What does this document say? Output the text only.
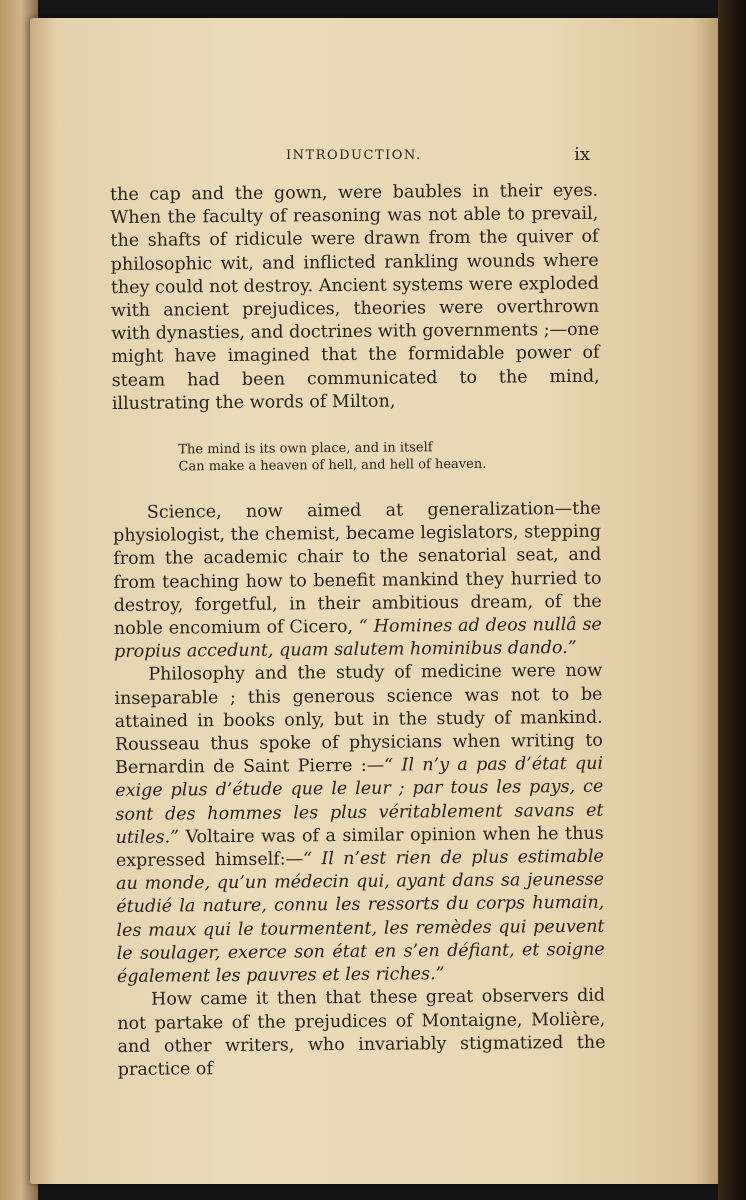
INTRODUCTION.	ix

the cap and the gown, were baubles in their eyes. When the faculty of reasoning was not able to prevail, the shafts of ridicule were drawn from the quiver of philosophic wit, and inflicted rankling wounds where they could not destroy. Ancient systems were exploded with ancient prejudices, theories were overthrown with dynasties, and doctrines with governments ;—one might have imagined that the formidable power of steam had been communicated to the mind, illustrating the words of Milton,

The mind is its own place, and in itself
Can make a heaven of hell, and hell of heaven.

Science, now aimed at generalization—the physiologist, the chemist, became legislators, stepping from the academic chair to the senatorial seat, and from teaching how to benefit mankind they hurried to destroy, forgetful, in their ambitious dream, of the noble encomium of Cicero, “ Homines ad deos nullâ se propius accedunt, quam salutem hominibus dando.”

Philosophy and the study of medicine were now inseparable ; this generous science was not to be attained in books only, but in the study of mankind. Rousseau thus spoke of physicians when writing to Bernardin de Saint Pierre :—“ Il n’y a pas d’état qui exige plus d’étude que le leur ; par tous les pays, ce sont des hommes les plus véritablement savans et utiles.” Voltaire was of a similar opinion when he thus expressed himself:—“ Il n’est rien de plus estimable au monde, qu’un médecin qui, ayant dans sa jeunesse étudié la nature, connu les ressorts du corps humain, les maux qui le tourmentent, les remèdes qui peuvent le soulager, exerce son état en s’en défiant, et soigne également les pauvres et les riches.”

How came it then that these great observers did not partake of the prejudices of Montaigne, Molière, and other writers, who invariably stigmatized the practice of
